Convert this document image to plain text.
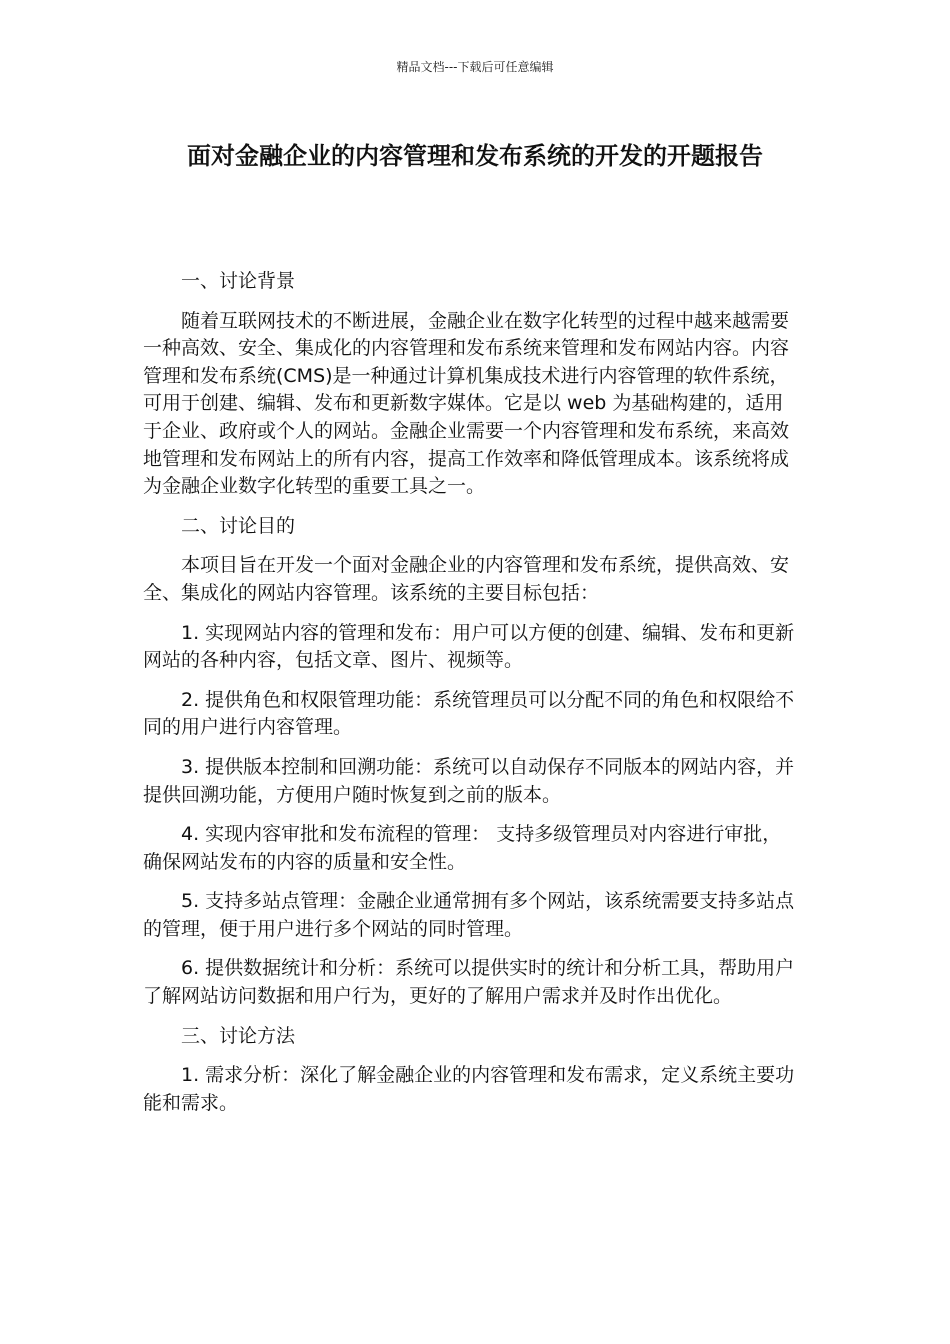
精品文档---下载后可任意编辑
面对金融企业的内容管理和发布系统的开发的开题报告

一、讨论背景

随着互联网技术的不断进展，金融企业在数字化转型的过程中越来越需要一种高效、安全、集成化的内容管理和发布系统来管理和发布网站内容。内容管理和发布系统(CMS)是一种通过计算机集成技术进行内容管理的软件系统，可用于创建、编辑、发布和更新数字媒体。它是以 web 为基础构建的，适用于企业、政府或个人的网站。金融企业需要一个内容管理和发布系统，来高效地管理和发布网站上的所有内容，提高工作效率和降低管理成本。该系统将成为金融企业数字化转型的重要工具之一。

二、讨论目的

本项目旨在开发一个面对金融企业的内容管理和发布系统，提供高效、安全、集成化的网站内容管理。该系统的主要目标包括：

1. 实现网站内容的管理和发布：用户可以方便的创建、编辑、发布和更新网站的各种内容，包括文章、图片、视频等。

2. 提供角色和权限管理功能：系统管理员可以分配不同的角色和权限给不同的用户进行内容管理。

3. 提供版本控制和回溯功能：系统可以自动保存不同版本的网站内容，并提供回溯功能，方便用户随时恢复到之前的版本。

4. 实现内容审批和发布流程的管理： 支持多级管理员对内容进行审批，确保网站发布的内容的质量和安全性。

5. 支持多站点管理：金融企业通常拥有多个网站，该系统需要支持多站点的管理，便于用户进行多个网站的同时管理。

6. 提供数据统计和分析：系统可以提供实时的统计和分析工具，帮助用户了解网站访问数据和用户行为，更好的了解用户需求并及时作出优化。

三、讨论方法

1. 需求分析：深化了解金融企业的内容管理和发布需求，定义系统主要功能和需求。
